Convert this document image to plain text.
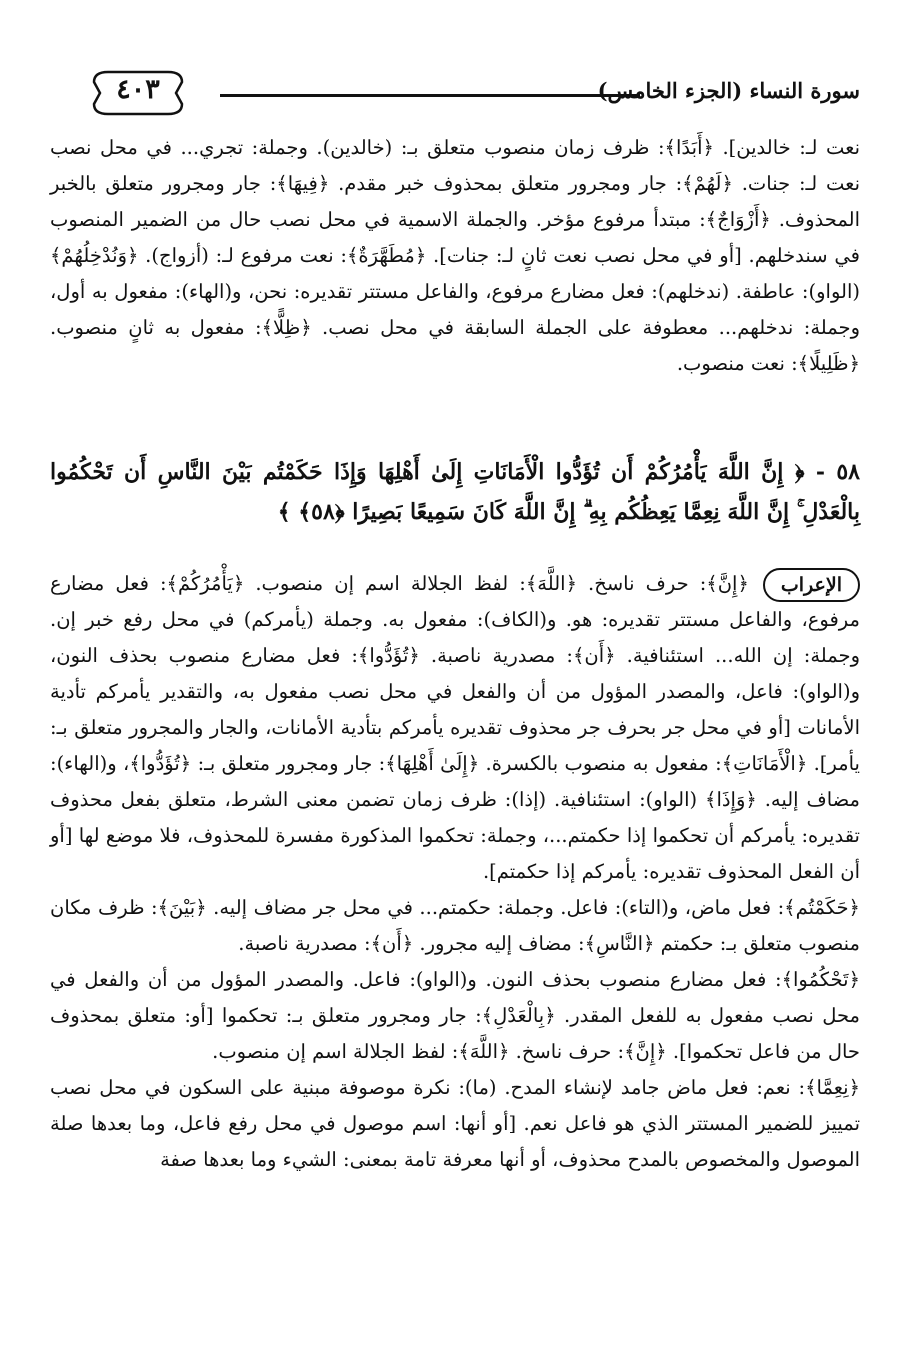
٤٠٣	سورة النساء (الجزء الخامس)
نعت لـ: خالدين]. ﴿أَبَدًا﴾: ظرف زمان منصوب متعلق بـ: (خالدين). وجملة: تجري... في محل نصب نعت لـ: جنات. ﴿لَهُمْ﴾: جار ومجرور متعلق بمحذوف خبر مقدم. ﴿فِيهَا﴾: جار ومجرور متعلق بالخبر المحذوف. ﴿أَزْوَاجٌ﴾: مبتدأ مرفوع مؤخر. والجملة الاسمية في محل نصب حال من الضمير المنصوب في سندخلهم. [أو في محل نصب نعت ثانٍ لـ: جنات]. ﴿مُطَهَّرَةٌ﴾: نعت مرفوع لـ: (أزواج). ﴿وَنُدْخِلُهُمْ﴾ (الواو): عاطفة. (ندخلهم): فعل مضارع مرفوع، والفاعل مستتر تقديره: نحن، و(الهاء): مفعول به أول، وجملة: ندخلهم... معطوفة على الجملة السابقة في محل نصب. ﴿ظِلًّا﴾: مفعول به ثانٍ منصوب. ﴿ظَلِيلًا﴾: نعت منصوب.
٥٨ - ﴿ إِنَّ اللَّهَ يَأْمُرُكُمْ أَن تُؤَدُّوا الْأَمَانَاتِ إِلَىٰ أَهْلِهَا وَإِذَا حَكَمْتُم بَيْنَ النَّاسِ أَن تَحْكُمُوا بِالْعَدْلِ ۚ إِنَّ اللَّهَ نِعِمَّا يَعِظُكُم بِهِ ۗ إِنَّ اللَّهَ كَانَ سَمِيعًا بَصِيرًا ﴿٥٨﴾ ﴾
الإعراب
﴿إِنَّ﴾: حرف ناسخ. ﴿اللَّهَ﴾: لفظ الجلالة اسم إن منصوب. ﴿يَأْمُرُكُمْ﴾: فعل مضارع مرفوع، والفاعل مستتر تقديره: هو. و(الكاف): مفعول به. وجملة (يأمركم) في محل رفع خبر إن. وجملة: إن الله... استئنافية. ﴿أَن﴾: مصدرية ناصبة. ﴿تُؤَدُّوا﴾: فعل مضارع منصوب بحذف النون، و(الواو): فاعل، والمصدر المؤول من أن والفعل في محل نصب مفعول به، والتقدير يأمركم تأدية الأمانات [أو في محل جر بحرف جر محذوف تقديره يأمركم بتأدية الأمانات، والجار والمجرور متعلق بـ: يأمر]. ﴿الْأَمَانَاتِ﴾: مفعول به منصوب بالكسرة. ﴿إِلَىٰ أَهْلِهَا﴾: جار ومجرور متعلق بـ: ﴿تُؤَدُّوا﴾، و(الهاء): مضاف إليه. ﴿وَإِذَا﴾ (الواو): استئنافية. (إذا): ظرف زمان تضمن معنى الشرط، متعلق بفعل محذوف تقديره: يأمركم أن تحكموا إذا حكمتم...، وجملة: تحكموا المذكورة مفسرة للمحذوف، فلا موضع لها [أو أن الفعل المحذوف تقديره: يأمركم إذا حكمتم].
﴿حَكَمْتُم﴾: فعل ماض، و(التاء): فاعل. وجملة: حكمتم... في محل جر مضاف إليه. ﴿بَيْنَ﴾: ظرف مكان منصوب متعلق بـ: حكمتم ﴿النَّاسِ﴾: مضاف إليه مجرور. ﴿أَن﴾: مصدرية ناصبة.
﴿تَحْكُمُوا﴾: فعل مضارع منصوب بحذف النون. و(الواو): فاعل. والمصدر المؤول من أن والفعل في محل نصب مفعول به للفعل المقدر. ﴿بِالْعَدْلِ﴾: جار ومجرور متعلق بـ: تحكموا [أو: متعلق بمحذوف حال من فاعل تحكموا]. ﴿إِنَّ﴾: حرف ناسخ. ﴿اللَّهَ﴾: لفظ الجلالة اسم إن منصوب.
﴿نِعِمَّا﴾: نعم: فعل ماض جامد لإنشاء المدح. (ما): نكرة موصوفة مبنية على السكون في محل نصب تمييز للضمير المستتر الذي هو فاعل نعم. [أو أنها: اسم موصول في محل رفع فاعل، وما بعدها صلة الموصول والمخصوص بالمدح محذوف، أو أنها معرفة تامة بمعنى: الشيء وما بعدها صفة
